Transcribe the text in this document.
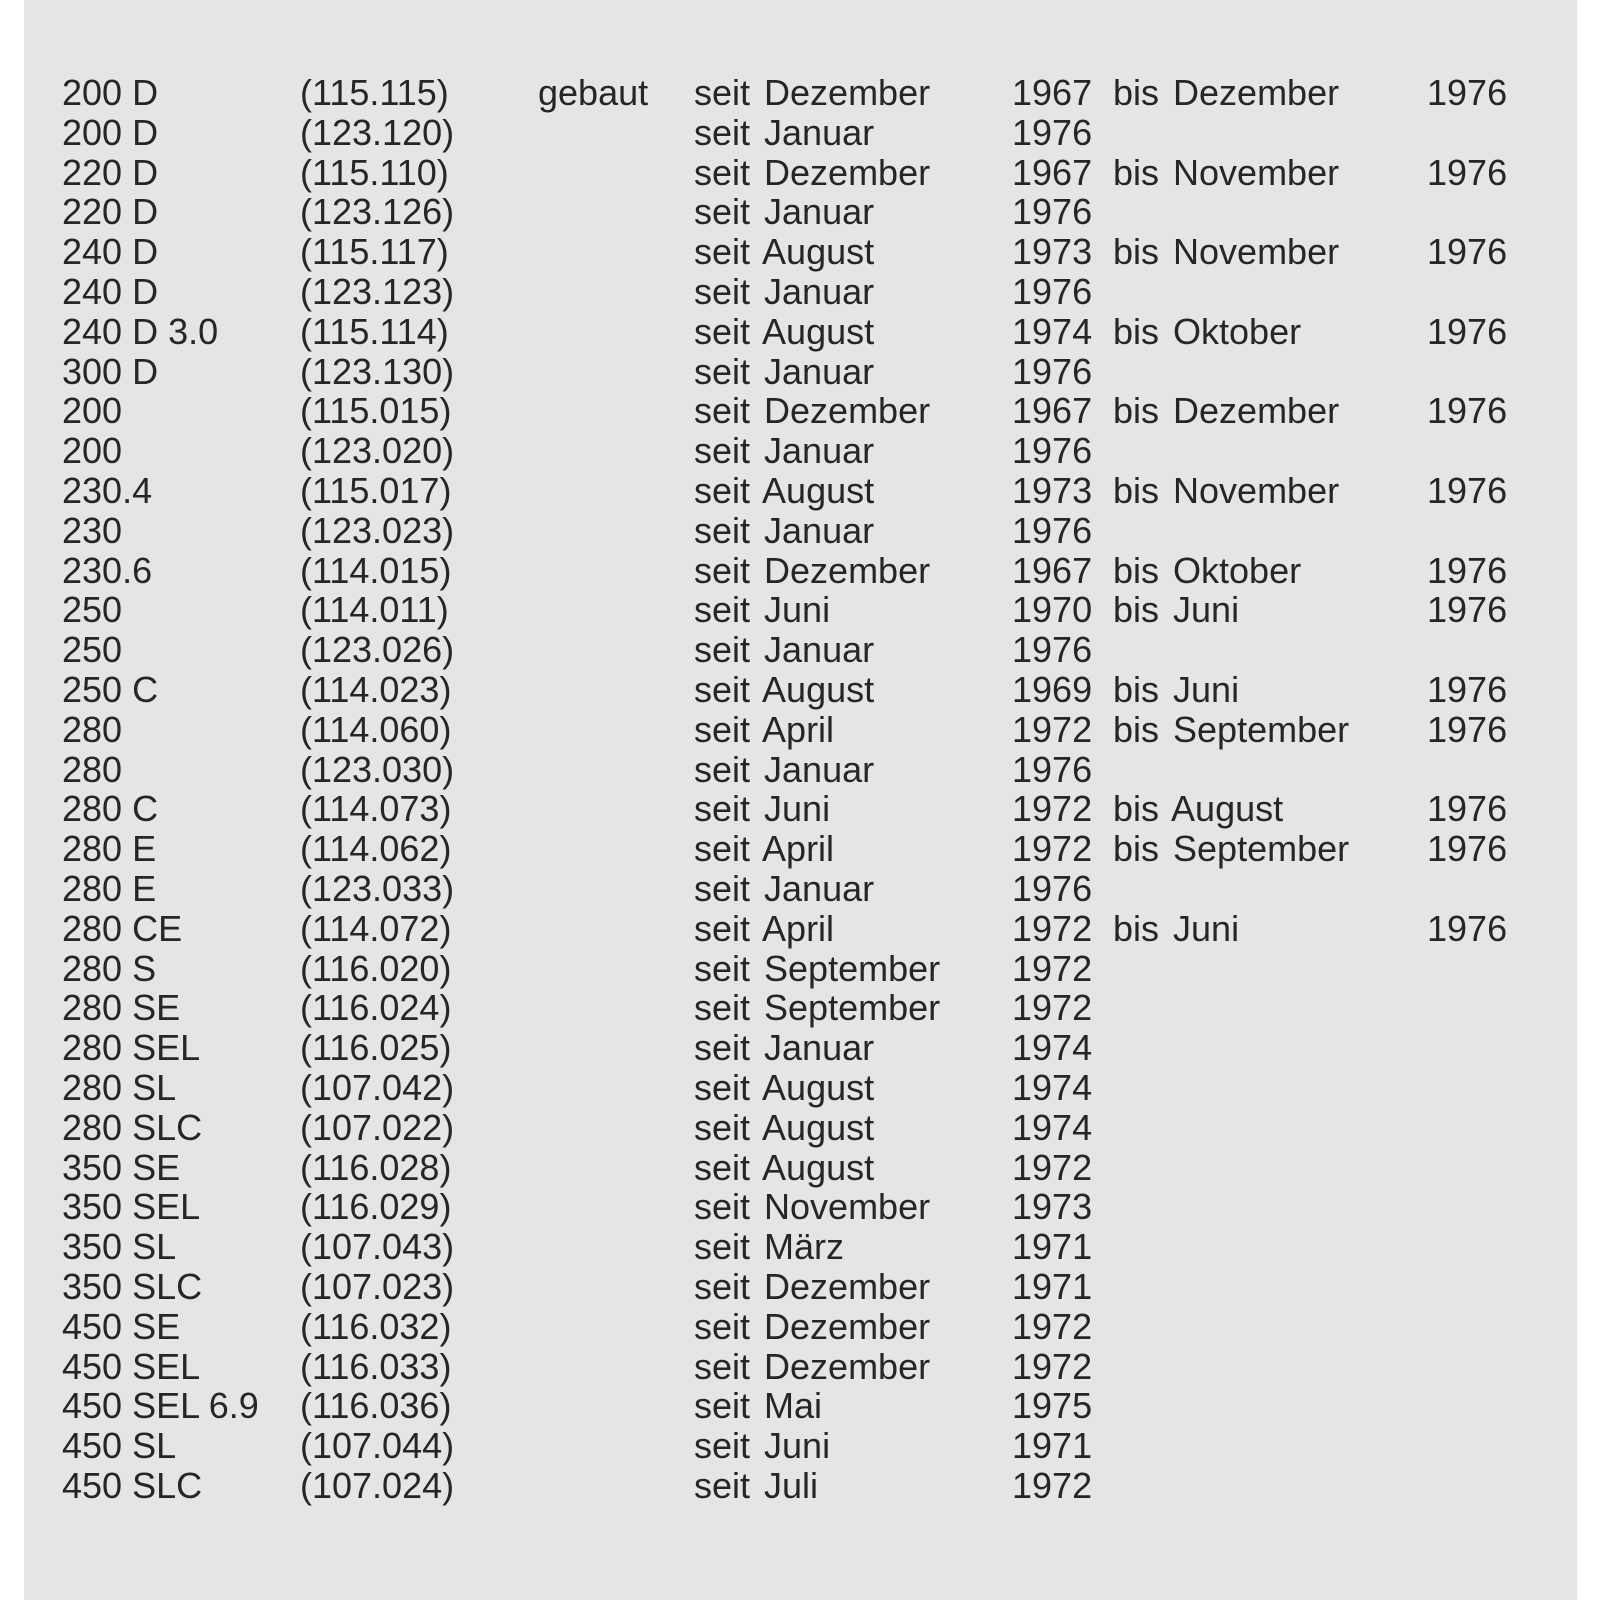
200 D	(115.115) gebaut seit Dezember 1967 bis Dezember 1976
200 D	(123.120)	seit Januar	1976
220 D	(115.110)	seit Dezember 1967 bis November 1976
220 D	(123.126)	seit Januar	1976
240 D	(115.117)	seit August	1973 bis November 1976
240 D	(123.123)	seit Januar	1976
240 D 3.0 (115.114)	seit August	1974 bis Oktober	1976
300 D	(123.130)	seit Januar	1976
200	(115.015)	seit Dezember 1967 bis Dezember 1976
200	(123.020)	seit Januar	1976
230.4	(115.017)	seit August	1973 bis November 1976
230	(123.023)	seit Januar	1976
230.6	(114.015)	seit Dezember 1967 bis Oktober	1976
250	(114.011)	seit Juni	1970 bis Juni	1976
250	(123.026)	seit Januar	1976
250 C	(114.023)	seit August	1969 bis Juni	1976
280	(114.060)	seit April	1972 bis September 1976
280	(123.030)	seit Januar	1976
280 C	(114.073)	seit Juni	1972 bis August	1976
280 E	(114.062)	seit April	1972 bis September 1976
280 E	(123.033)	seit Januar	1976
280 CE	(114.072)	seit April	1972 bis Juni	1976
280 S	(116.020)	seit September 1972
280 SE	(116.024)	seit September 1972
280 SEL	(116.025)	seit Januar	1974
280 SL	(107.042)	seit August	1974
280 SLC	(107.022)	seit August	1974
350 SE	(116.028)	seit August	1972
350 SEL	(116.029)	seit November 1973
350 SL	(107.043)	seit März	1971
350 SLC	(107.023)	seit Dezember 1971
450 SE	(116.032)	seit Dezember 1972
450 SEL	(116.033)	seit Dezember 1972
450 SEL 6.9 (116.036)	seit Mai	1975
450 SL	(107.044)	seit Juni	1971
450 SLC	(107.024)	seit Juli	1972
